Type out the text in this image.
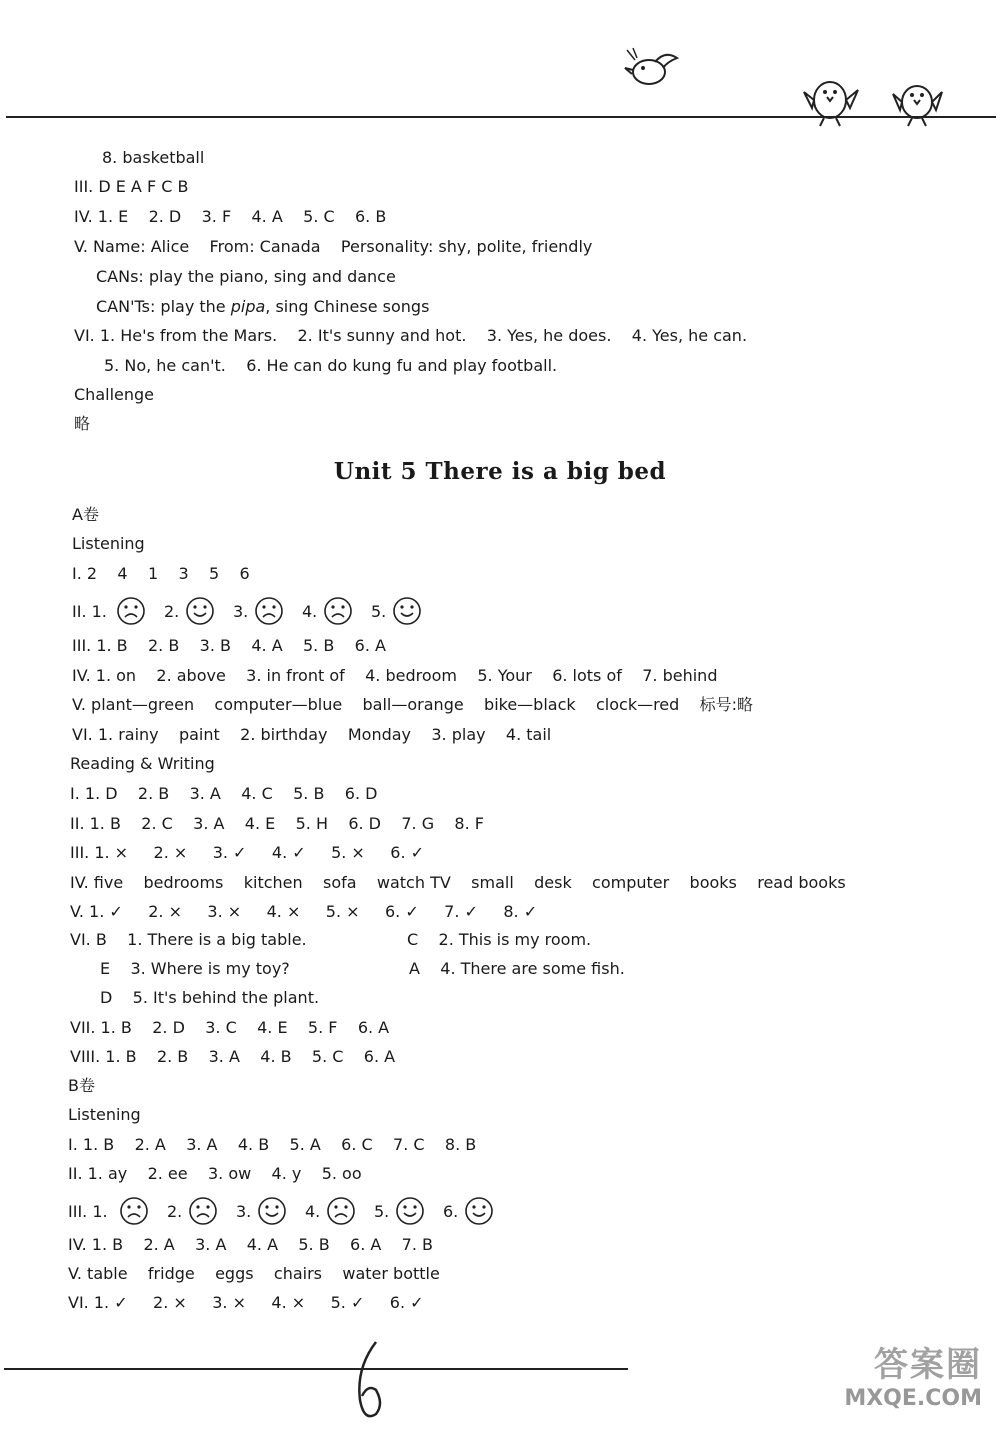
8. basketball
III. D E A F C B
IV. 1. E    2. D    3. F    4. A    5. C    6. B
V. Name: Alice    From: Canada    Personality: shy, polite, friendly
CANs: play the piano, sing and dance
CAN'Ts: play the pipa, sing Chinese songs
VI. 1. He's from the Mars.    2. It's sunny and hot.    3. Yes, he does.    4. Yes, he can.
5. No, he can't.    6. He can do kung fu and play football.
Challenge
略
Unit 5 There is a big bed
A卷
Listening
I. 2    4    1    3    5    6
III. 1. B    2. B    3. B    4. A    5. B    6. A
IV. 1. on    2. above    3. in front of    4. bedroom    5. Your    6. lots of    7. behind
V. plant—green    computer—blue    ball—orange    bike—black    clock—red    标号:略
VI. 1. rainy    paint    2. birthday    Monday    3. play    4. tail
Reading & Writing
I. 1. D    2. B    3. A    4. C    5. B    6. D
II. 1. B    2. C    3. A    4. E    5. H    6. D    7. G    8. F
III. 1. ×     2. ×     3. ✓     4. ✓     5. ×     6. ✓
IV. five    bedrooms    kitchen    sofa    watch TV    small    desk    computer    books    read books
V. 1. ✓     2. ×     3. ×     4. ×     5. ×     6. ✓     7. ✓     8. ✓
VI. B    1. There is a big table.	C    2. This is my room.
E    3. Where is my toy?	A    4. There are some fish.
D    5. It's behind the plant.
VII. 1. B    2. D    3. C    4. E    5. F    6. A
VIII. 1. B    2. B    3. A    4. B    5. C    6. A
B卷
Listening
I. 1. B    2. A    3. A    4. B    5. A    6. C    7. C    8. B
II. 1. ay    2. ee    3. ow    4. y    5. oo
IV. 1. B    2. A    3. A    4. A    5. B    6. A    7. B
V. table    fridge    eggs    chairs    water bottle
VI. 1. ✓     2. ×     3. ×     4. ×     5. ✓     6. ✓
II. 1.	2.	3.	4.	5.
III. 1.	2.	3.	4.	5.	6.
答案圈
MXQE.COM
